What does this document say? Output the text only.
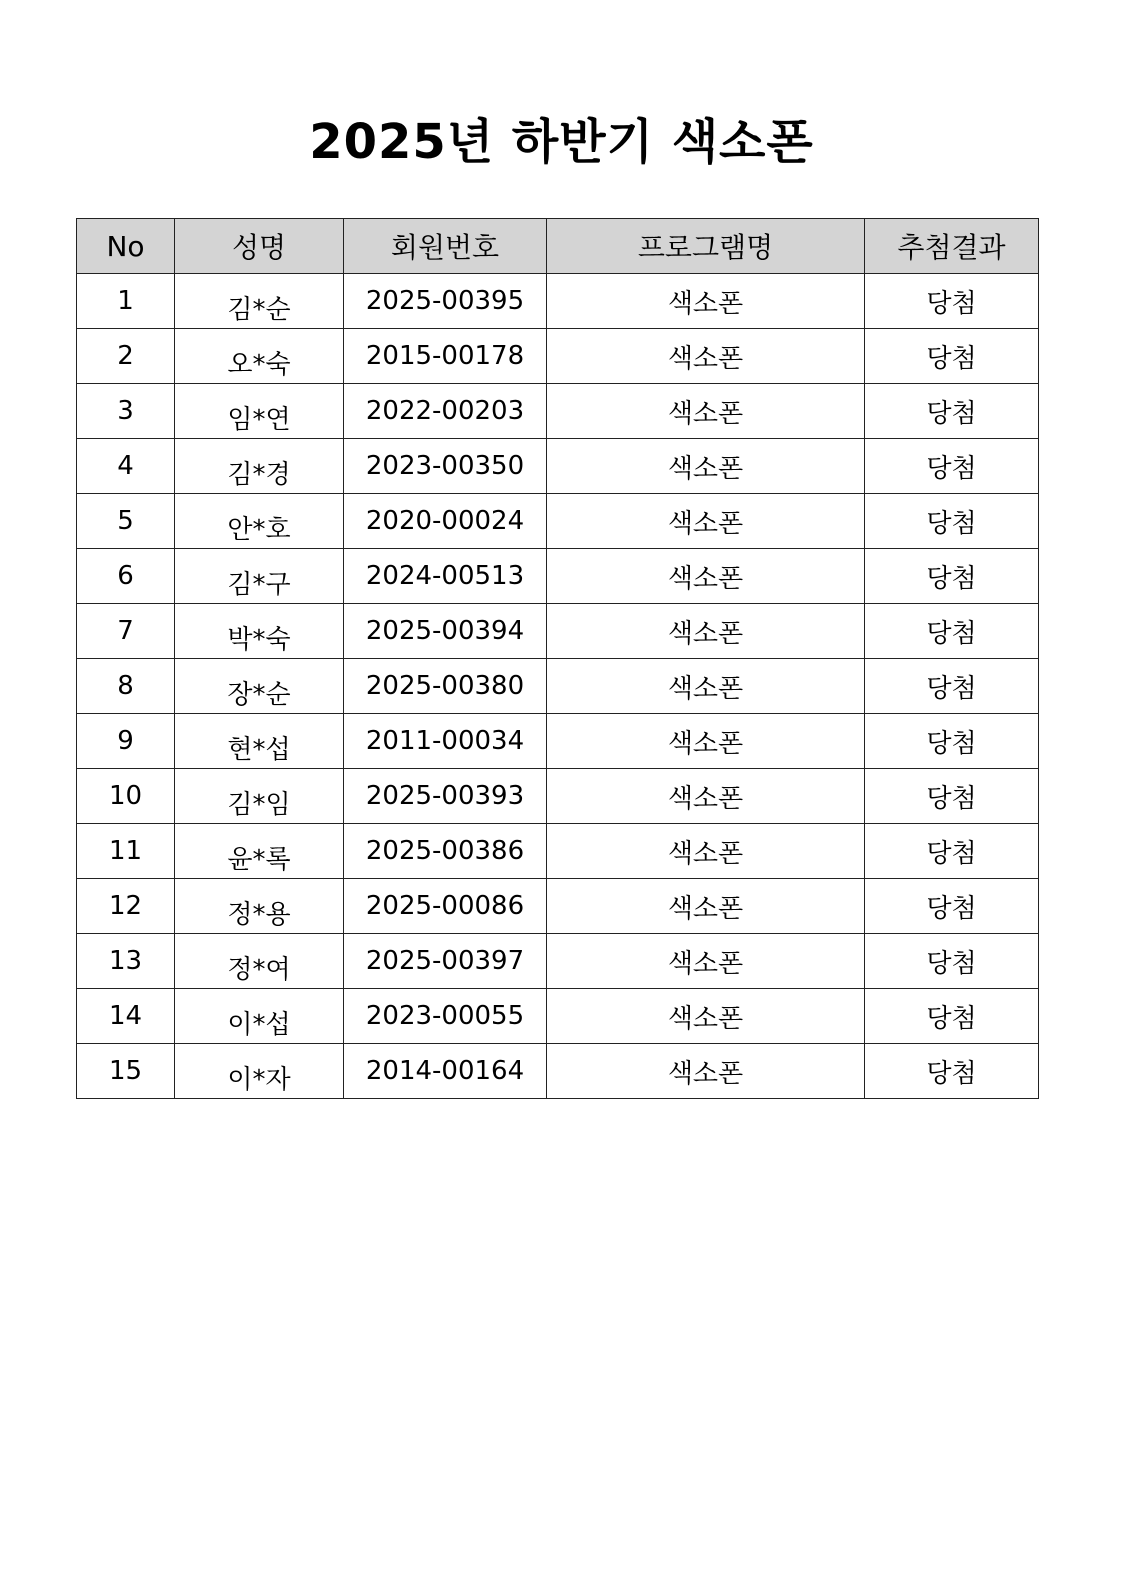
2025년 하반기 색소폰
No	성명	회원번호	프로그램명	추첨결과
1	김*순	2025-00395	색소폰	당첨
2	오*숙	2015-00178	색소폰	당첨
3	임*연	2022-00203	색소폰	당첨
4	김*경	2023-00350	색소폰	당첨
5	안*호	2020-00024	색소폰	당첨
6	김*구	2024-00513	색소폰	당첨
7	박*숙	2025-00394	색소폰	당첨
8	장*순	2025-00380	색소폰	당첨
9	현*섭	2011-00034	색소폰	당첨
10	김*임	2025-00393	색소폰	당첨
11	윤*록	2025-00386	색소폰	당첨
12	정*용	2025-00086	색소폰	당첨
13	정*여	2025-00397	색소폰	당첨
14	이*섭	2023-00055	색소폰	당첨
15	이*자	2014-00164	색소폰	당첨
